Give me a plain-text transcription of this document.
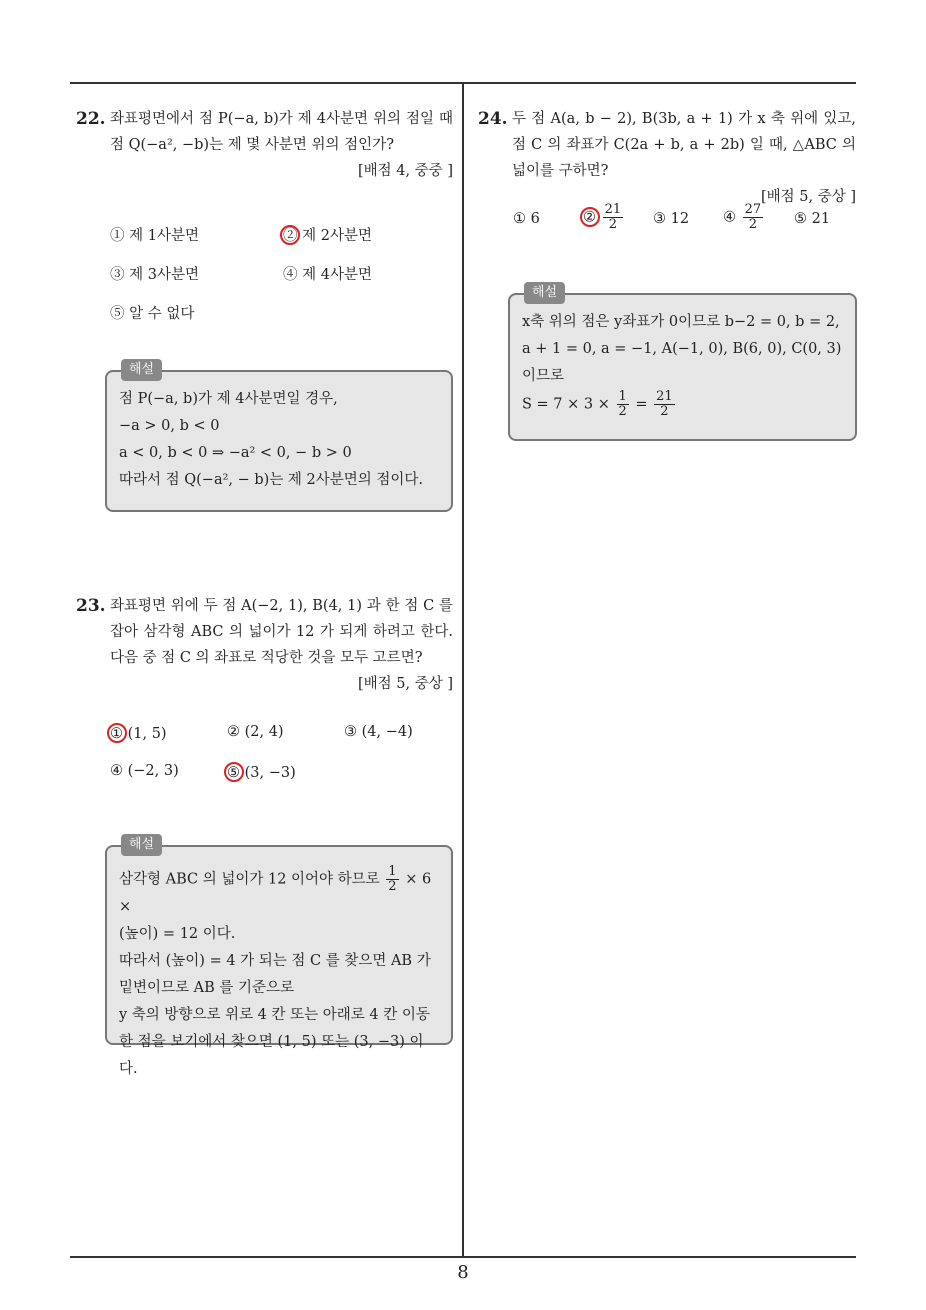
22. 좌표평면에서 점 P(−a, b)가 제 4사분면 위의 점일 때 점 Q(−a², −b)는 제 몇 사분면 위의 점인가?
[배점 4, 중중 ]
① 제 1사분면	② 제 2사분면
③ 제 3사분면	④ 제 4사분면
⑤ 알 수 없다
해설
점 P(−a, b)가 제 4사분면일 경우,
−a > 0, b < 0
a < 0, b < 0 ⇒ −a² < 0, − b > 0
따라서 점 Q(−a², − b)는 제 2사분면의 점이다.
23. 좌표평면 위에 두 점 A(−2, 1), B(4, 1) 과 한 점 C 를 잡아 삼각형 ABC 의 넓이가 12 가 되게 하려고 한다. 다음 중 점 C 의 좌표로 적당한 것을 모두 고르면?
[배점 5, 중상 ]
① (1, 5)	② (2, 4)	③ (4, −4)
④ (−2, 3)	⑤ (3, −3)
해설
삼각형 ABC 의 넓이가 12 이어야 하므로 $\frac{1}{2} \times 6$ ×
(높이) = 12 이다.
따라서 (높이) = 4 가 되는 점 C 를 찾으면 AB 가
밑변이므로 AB 를 기준으로
y 축의 방향으로 위로 4 칸 또는 아래로 4 칸 이동
한 점을 보기에서 찾으면 (1, 5) 또는 (3, −3) 이다.
24. 두 점 A(a, b − 2), B(3b, a + 1) 가 x 축 위에 있고, 점 C 의 좌표가 C(2a + b, a + 2b) 일 때, △ABC 의 넓이를 구하면?
[배점 5, 중상 ]
① 6	② $\frac{21}{2}$ ③ 12 ④ $\frac{27}{2}$ ⑤ 21
해설
x축 위의 점은 y좌표가 0이므로 b−2 = 0, b = 2,
a + 1 = 0, a = −1, A(−1, 0), B(6, 0), C(0, 3)
이므로
$S = 7 \times 3 \times \frac{1}{2} = \frac{21}{2}$
8
